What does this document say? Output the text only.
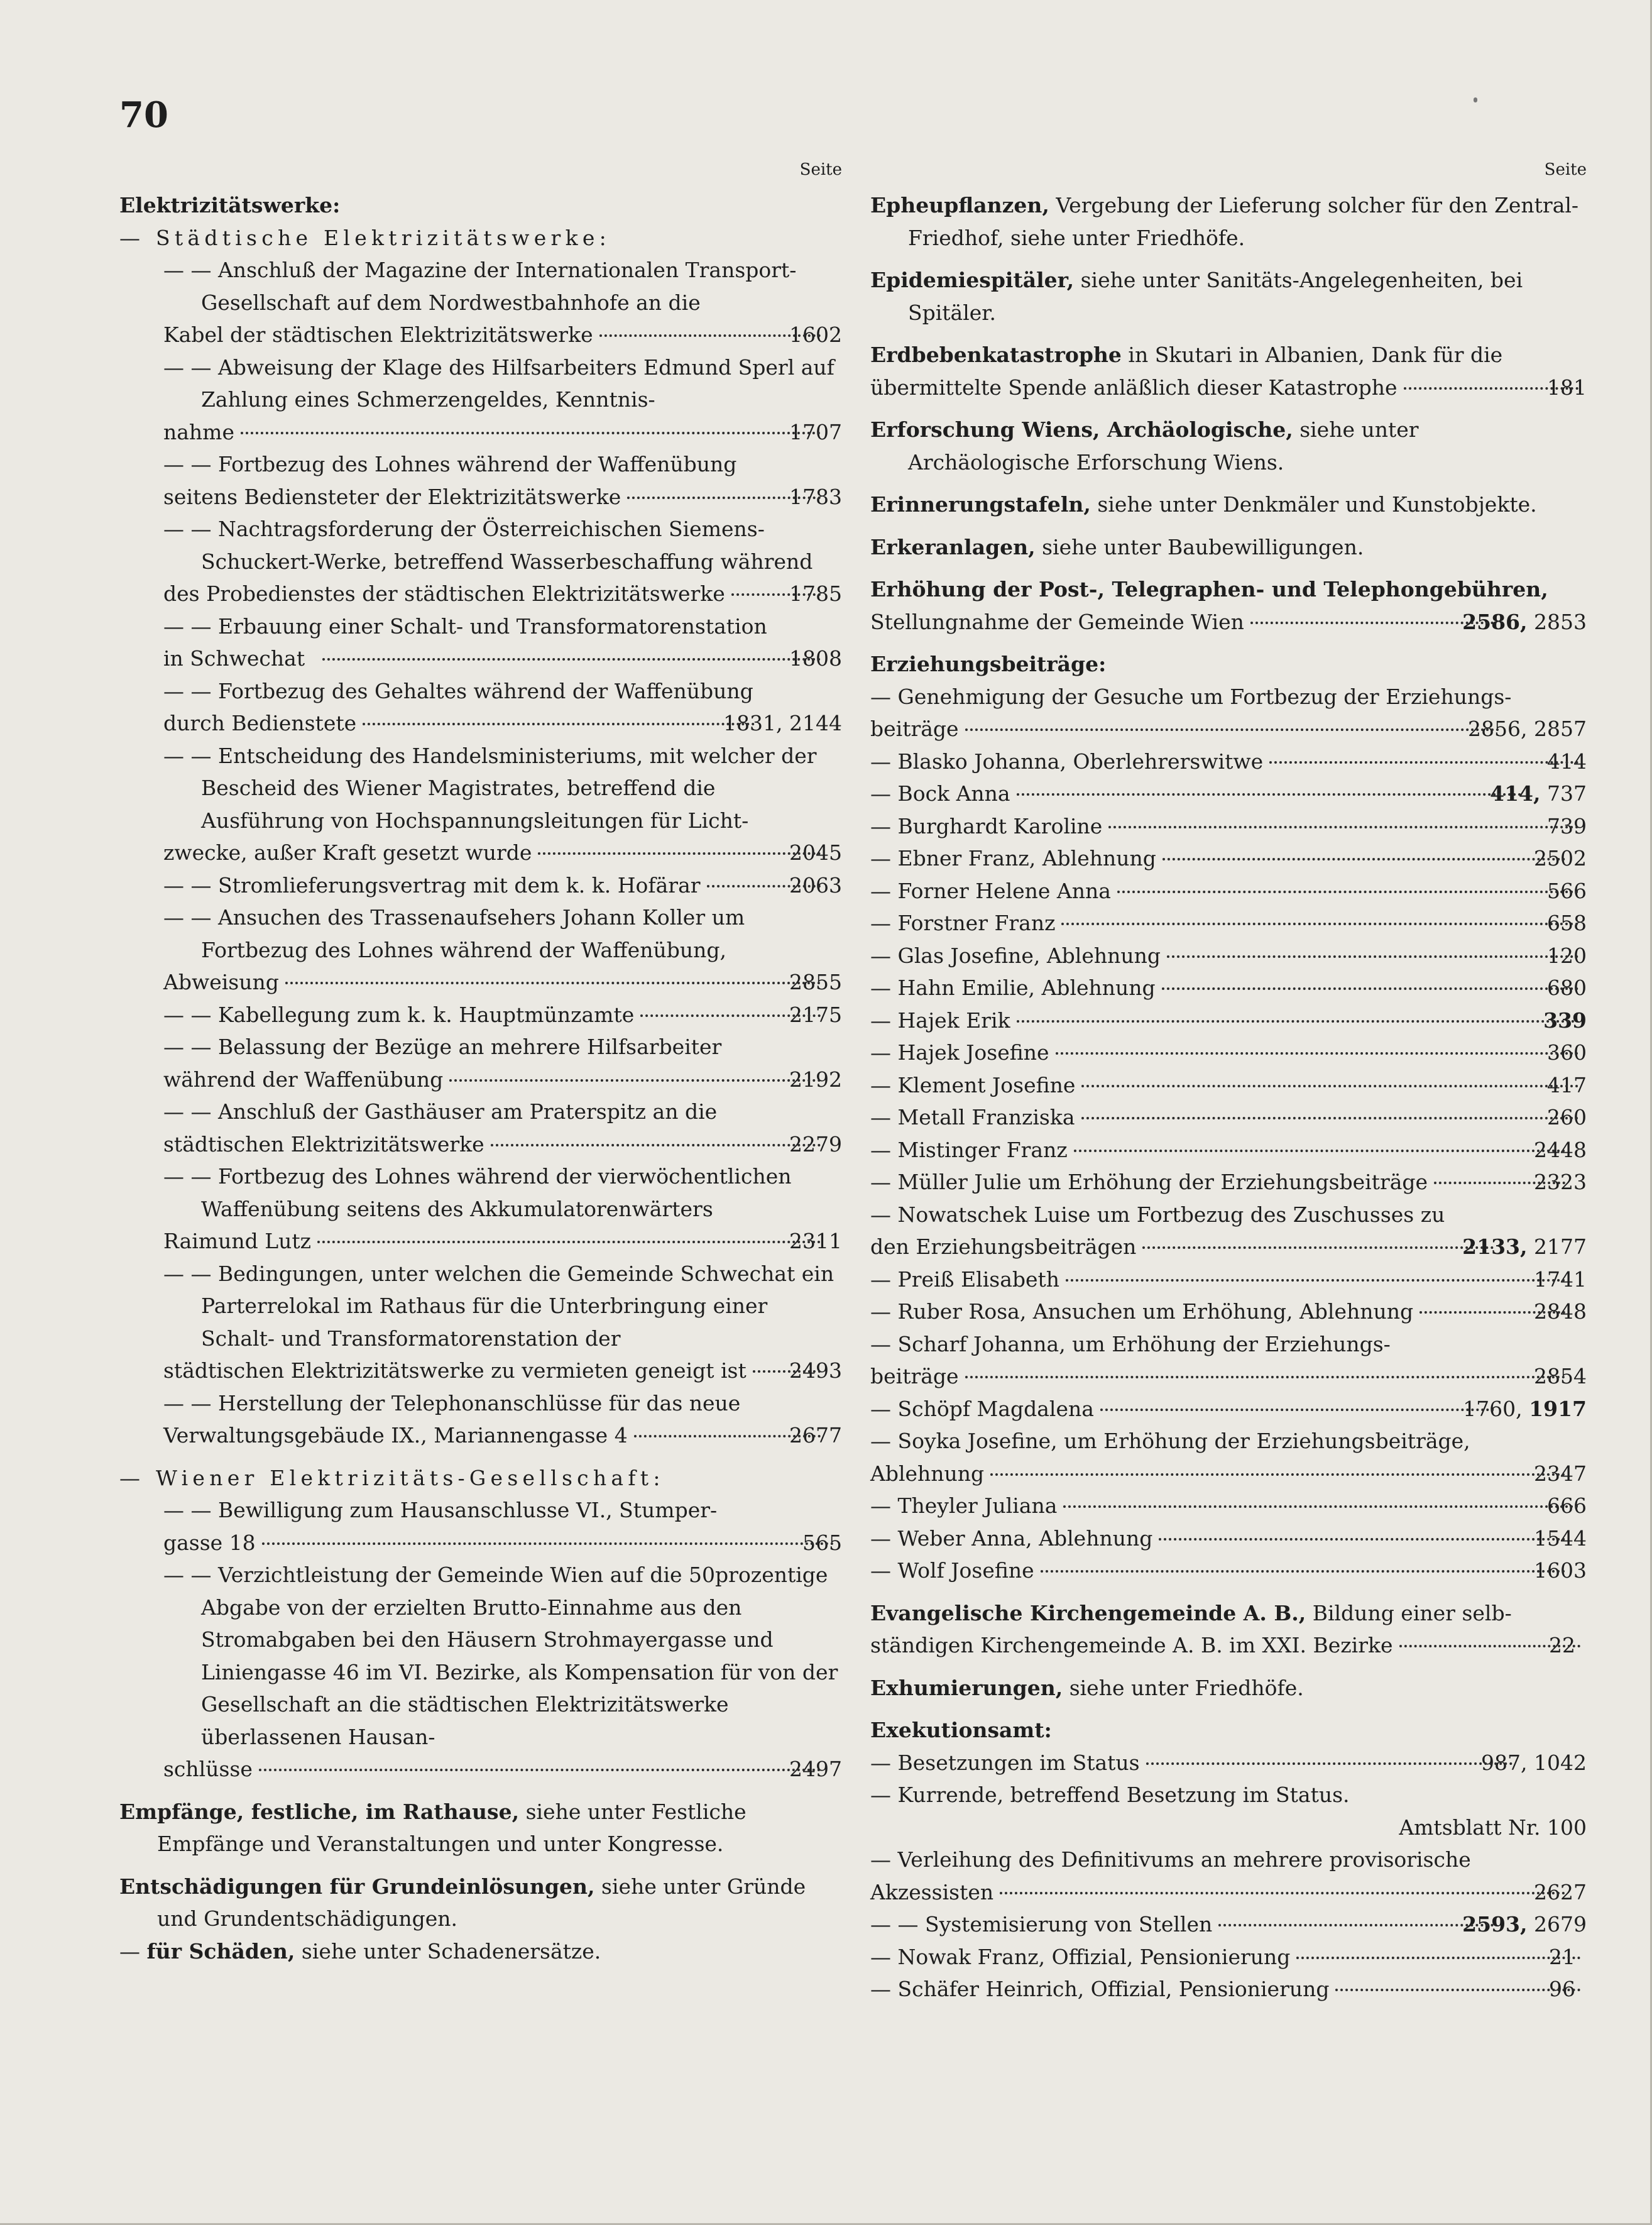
70
Seite
Elektrizitätswerke:
— Städtische Elektrizitätswerke:
— — Anschluß der Magazine der Internationalen Transport-Gesellschaft auf dem Nordwestbahnhofe an die
Kabel der städtischen Elektrizitätswerke	1602
— — Abweisung der Klage des Hilfsarbeiters Edmund Sperl auf Zahlung eines Schmerzengeldes, Kenntnis-
nahme	1707
— — Fortbezug des Lohnes während der Waffenübung
seitens Bediensteter der Elektrizitätswerke	1783
— — Nachtragsforderung der Österreichischen Siemens-Schuckert-Werke, betreffend Wasserbeschaffung während
des Probedienstes der städtischen Elektrizitätswerke	1785
— — Erbauung einer Schalt- und Transformatorenstation
in Schwechat	1808
— — Fortbezug des Gehaltes während der Waffenübung
durch Bedienstete	1831, 2144
— — Entscheidung des Handelsministeriums, mit welcher der Bescheid des Wiener Magistrates, betreffend die Ausführung von Hochspannungsleitungen für Licht-
zwecke, außer Kraft gesetzt wurde	2045
— — Stromlieferungsvertrag mit dem k. k. Hofärar	2063
— — Ansuchen des Trassenaufsehers Johann Koller um Fortbezug des Lohnes während der Waffenübung,
Abweisung	2855
— — Kabellegung zum k. k. Hauptmünzamte	2175
— — Belassung der Bezüge an mehrere Hilfsarbeiter
während der Waffenübung	2192
— — Anschluß der Gasthäuser am Praterspitz an die
städtischen Elektrizitätswerke	2279
— — Fortbezug des Lohnes während der vierwöchentlichen Waffenübung seitens des Akkumulatorenwärters
Raimund Lutz	2311
— — Bedingungen, unter welchen die Gemeinde Schwechat ein Parterrelokal im Rathaus für die Unterbringung einer Schalt- und Transformatorenstation der
städtischen Elektrizitätswerke zu vermieten geneigt ist 2493
— — Herstellung der Telephonanschlüsse für das neue
Verwaltungsgebäude IX., Mariannengasse 4	2677
— Wiener Elektrizitäts-Gesellschaft:
— — Bewilligung zum Hausanschlusse VI., Stumper-
gasse 18	565
— — Verzichtleistung der Gemeinde Wien auf die 50prozentige Abgabe von der erzielten Brutto-Einnahme aus den Stromabgaben bei den Häusern Strohmayergasse und Liniengasse 46 im VI. Bezirke, als Kompensation für von der Gesellschaft an die städtischen Elektrizitätswerke überlassenen Hausan-
schlüsse	2497
Empfänge, festliche, im Rathause, siehe unter Festliche Empfänge und Veranstaltungen und unter Kongresse.
Entschädigungen für Grundeinlösungen, siehe unter Gründe und Grundentschädigungen.
— für Schäden, siehe unter Schadenersätze.
Seite
Epheupflanzen, Vergebung der Lieferung solcher für den Zentral-Friedhof, siehe unter Friedhöfe.
Epidemiespitäler, siehe unter Sanitäts-Angelegenheiten, bei Spitäler.
Erdbebenkatastrophe in Skutari in Albanien, Dank für die
übermittelte Spende anläßlich dieser Katastrophe	181
Erforschung Wiens, Archäologische, siehe unter Archäologische Erforschung Wiens.
Erinnerungstafeln, siehe unter Denkmäler und Kunstobjekte.
Erkeranlagen, siehe unter Baubewilligungen.
Erhöhung der Post-, Telegraphen- und Telephongebühren,
Stellungnahme der Gemeinde Wien	2586, 2853
Erziehungsbeiträge:
— Genehmigung der Gesuche um Fortbezug der Erziehungs-
beiträge	2856, 2857
— Blasko Johanna, Oberlehrerswitwe	414
— Bock Anna	414, 737
— Burghardt Karoline	739
— Ebner Franz, Ablehnung	2502
— Forner Helene Anna	566
— Forstner Franz	658
— Glas Josefine, Ablehnung	120
— Hahn Emilie, Ablehnung	680
— Hajek Erik	339
— Hajek Josefine	360
— Klement Josefine	417
— Metall Franziska	260
— Mistinger Franz	2448
— Müller Julie um Erhöhung der Erziehungsbeiträge	2323
— Nowatschek Luise um Fortbezug des Zuschusses zu
den Erziehungsbeiträgen	2133, 2177
— Preiß Elisabeth	1741
— Ruber Rosa, Ansuchen um Erhöhung, Ablehnung	2848
— Scharf Johanna, um Erhöhung der Erziehungs-
beiträge	2854
— Schöpf Magdalena	1760, 1917
— Soyka Josefine, um Erhöhung der Erziehungsbeiträge,
Ablehnung	2347
— Theyler Juliana	666
— Weber Anna, Ablehnung	1544
— Wolf Josefine	1603
Evangelische Kirchengemeinde A. B., Bildung einer selb-
ständigen Kirchengemeinde A. B. im XXI. Bezirke	22
Exhumierungen, siehe unter Friedhöfe.
Exekutionsamt:
— Besetzungen im Status	987, 1042
— Kurrende, betreffend Besetzung im Status.
Amtsblatt Nr. 100
— Verleihung des Definitivums an mehrere provisorische
Akzessisten	2627
— — Systemisierung von Stellen	2593, 2679
— Nowak Franz, Offizial, Pensionierung	21
— Schäfer Heinrich, Offizial, Pensionierung	96
